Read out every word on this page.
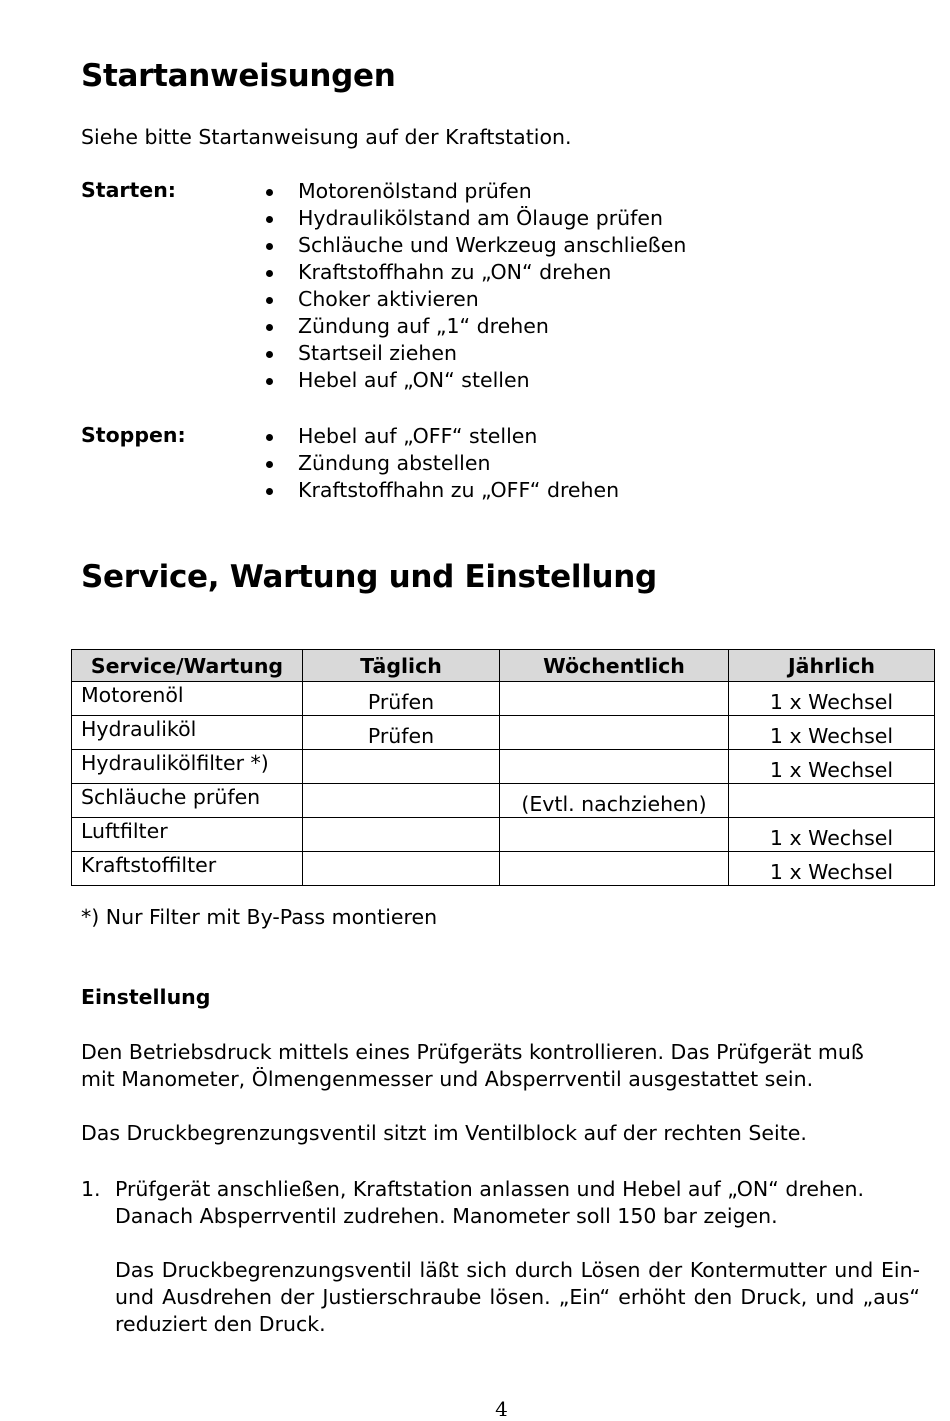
Startanweisungen

Siehe bitte Startanweisung auf der Kraftstation.

Starten:	Motorenölstand prüfen
Hydraulikölstand am Ölauge prüfen
Schläuche und Werkzeug anschließen
Kraftstoffhahn zu „ON“ drehen
Choker aktivieren
Zündung auf „1“ drehen
Startseil ziehen
Hebel auf „ON“ stellen

Stoppen:	Hebel auf „OFF“ stellen
Zündung abstellen
Kraftstoffhahn zu „OFF“ drehen
Service, Wartung und Einstellung
Service/Wartung	Täglich	Wöchentlich	Jährlich
Motorenöl	Prüfen		1 x Wechsel
Hydrauliköl	Prüfen		1 x Wechsel
Hydraulikölfilter *)			1 x Wechsel
Schläuche prüfen		(Evtl. nachziehen)	
Luftfilter			1 x Wechsel
Kraftstoffilter			1 x Wechsel

*) Nur Filter mit By-Pass montieren

Einstellung

Den Betriebsdruck mittels eines Prüfgeräts kontrollieren. Das Prüfgerät muß mit Manometer, Ölmengenmesser und Absperrventil ausgestattet sein.

Das Druckbegrenzungsventil sitzt im Ventilblock auf der rechten Seite.

1. Prüfgerät anschließen, Kraftstation anlassen und Hebel auf „ON“ drehen. Danach Absperrventil zudrehen. Manometer soll 150 bar zeigen.

Das Druckbegrenzungsventil läßt sich durch Lösen der Kontermutter und Ein- und Ausdrehen der Justierschraube lösen. „Ein“ erhöht den Druck, und „aus“ reduziert den Druck.

4
